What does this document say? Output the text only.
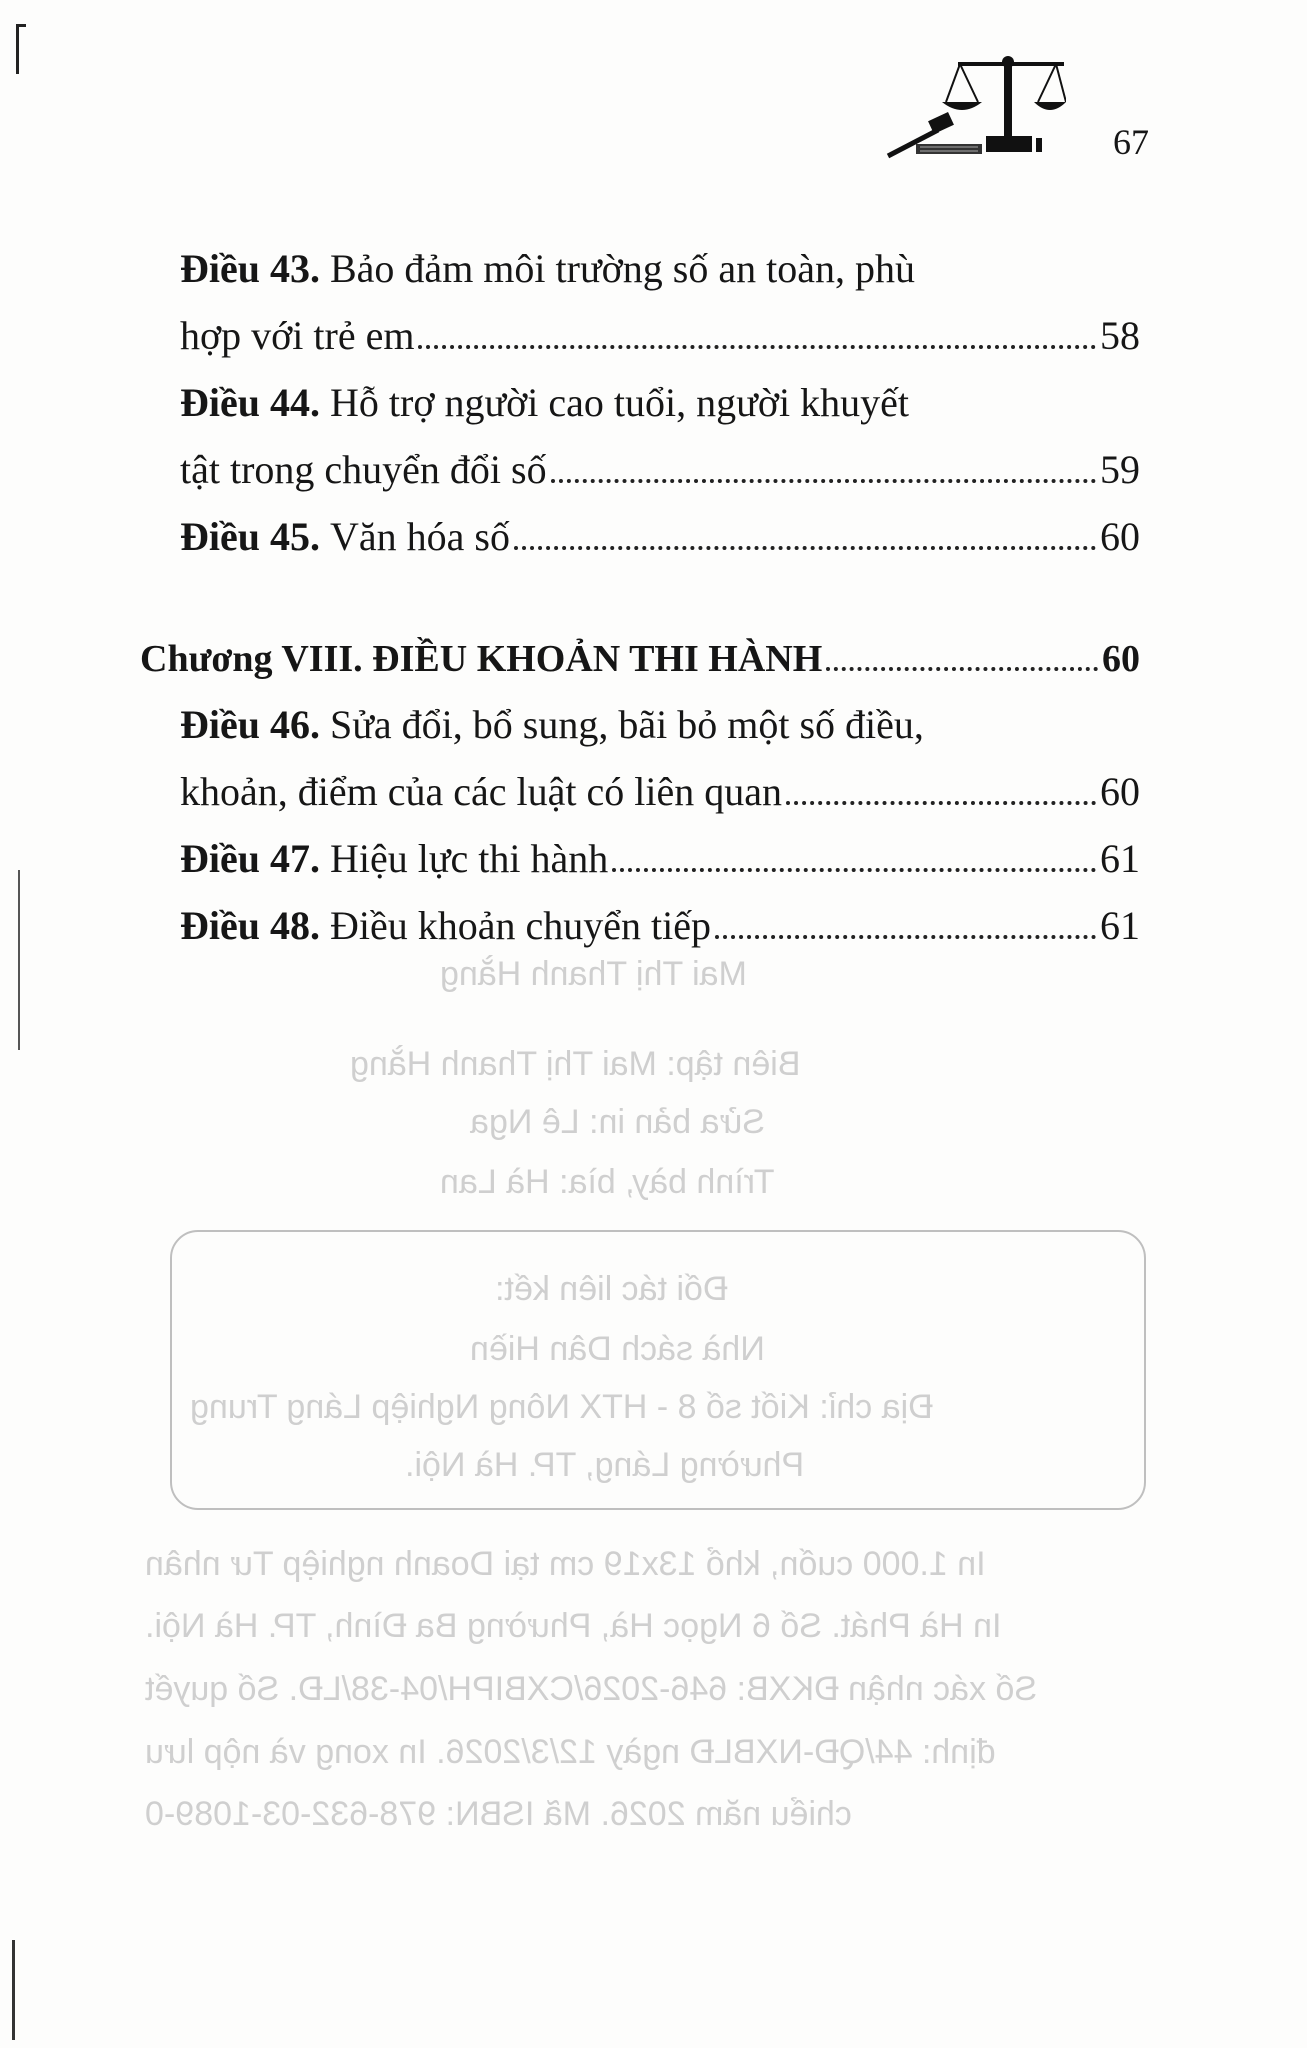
Mai Thị Thanh Hằng
Biên tập: Mai Thị Thanh Hằng
Sửa bản in: Lê Nga
Trình bày, bìa: Hà Lan
Đối tác liên kết:
Nhà sách Dân Hiền
Địa chỉ: Kiốt số 8 - HTX Nông Nghiệp Láng Trung
Phường Láng, TP. Hà Nội.
In 1.000 cuốn, khổ 13x19 cm tại Doanh nghiệp Tư nhân
In Hà Phát. Số 6 Ngọc Hà, Phường Ba Đình, TP. Hà Nội.
Số xác nhận ĐKXB: 646-2026/CXBIPH/04-38/LĐ. Số quyết
định: 44/QĐ-NXBLĐ ngày 12/3/2026. In xong và nộp lưu
chiểu năm 2026. Mã ISBN: 978-632-03-1089-0
67
Điều 43. Bảo đảm môi trường số an toàn, phù
hợp với trẻ em	58
Điều 44. Hỗ trợ người cao tuổi, người khuyết
tật trong chuyển đổi số	59
Điều 45. Văn hóa số	60
Chương VIII. ĐIỀU KHOẢN THI HÀNH	60
Điều 46. Sửa đổi, bổ sung, bãi bỏ một số điều,
khoản, điểm của các luật có liên quan	60
Điều 47. Hiệu lực thi hành	61
Điều 48. Điều khoản chuyển tiếp	61
